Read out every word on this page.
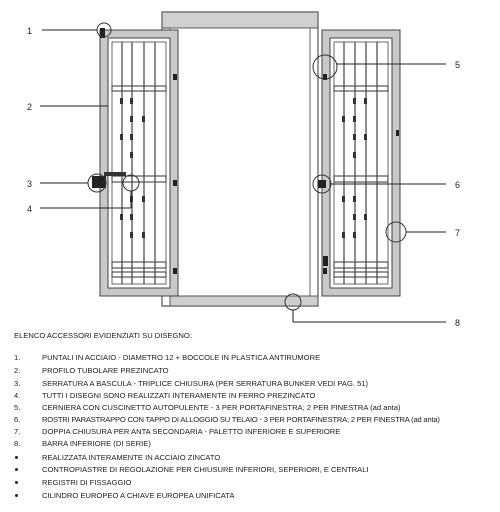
1
2
3
4
5
6
7
8
ELENCO ACCESSORI EVIDENZIATI SU DISEGNO:
1.	PUNTALI IN ACCIAIO - DIAMETRO 12 + BOCCOLE IN PLASTICA ANTIRUMORE
2.	PROFILO TUBOLARE PREZINCATO
3.	SERRATURA A BASCULA - TRIPLICE CHIUSURA (PER SERRATURA BUNKER VEDI PAG. 51)
4.	TUTTI I DISEGNI SONO REALIZZATI INTERAMENTE IN FERRO PREZINCATO
5.	CERNIERA CON CUSCINETTO AUTOPULENTE - 3 PER PORTAFINESTRA; 2 PER FINESTRA (ad anta)
6.	ROSTRI PARASTRAPPO CON TAPPO DI ALLOGGIO SU TELAIO - 3 PER PORTAFINESTRA; 2 PER FINESTRA (ad anta)
7.	DOPPIA CHIUSURA PER ANTA SECONDARIA - PALETTO INFERIORE E SUPERIORE
8.	BARRA INFERIORE (DI SERIE)
REALIZZATA INTERAMENTE IN ACCIAIO ZINCATO
CONTROPIASTRE DI REGOLAZIONE PER CHIUSURE INFERIORI, SEPERIORI, E CENTRALI
REGISTRI DI FISSAGGIO
CILINDRO EUROPEO A CHIAVE EUROPEA UNIFICATA
